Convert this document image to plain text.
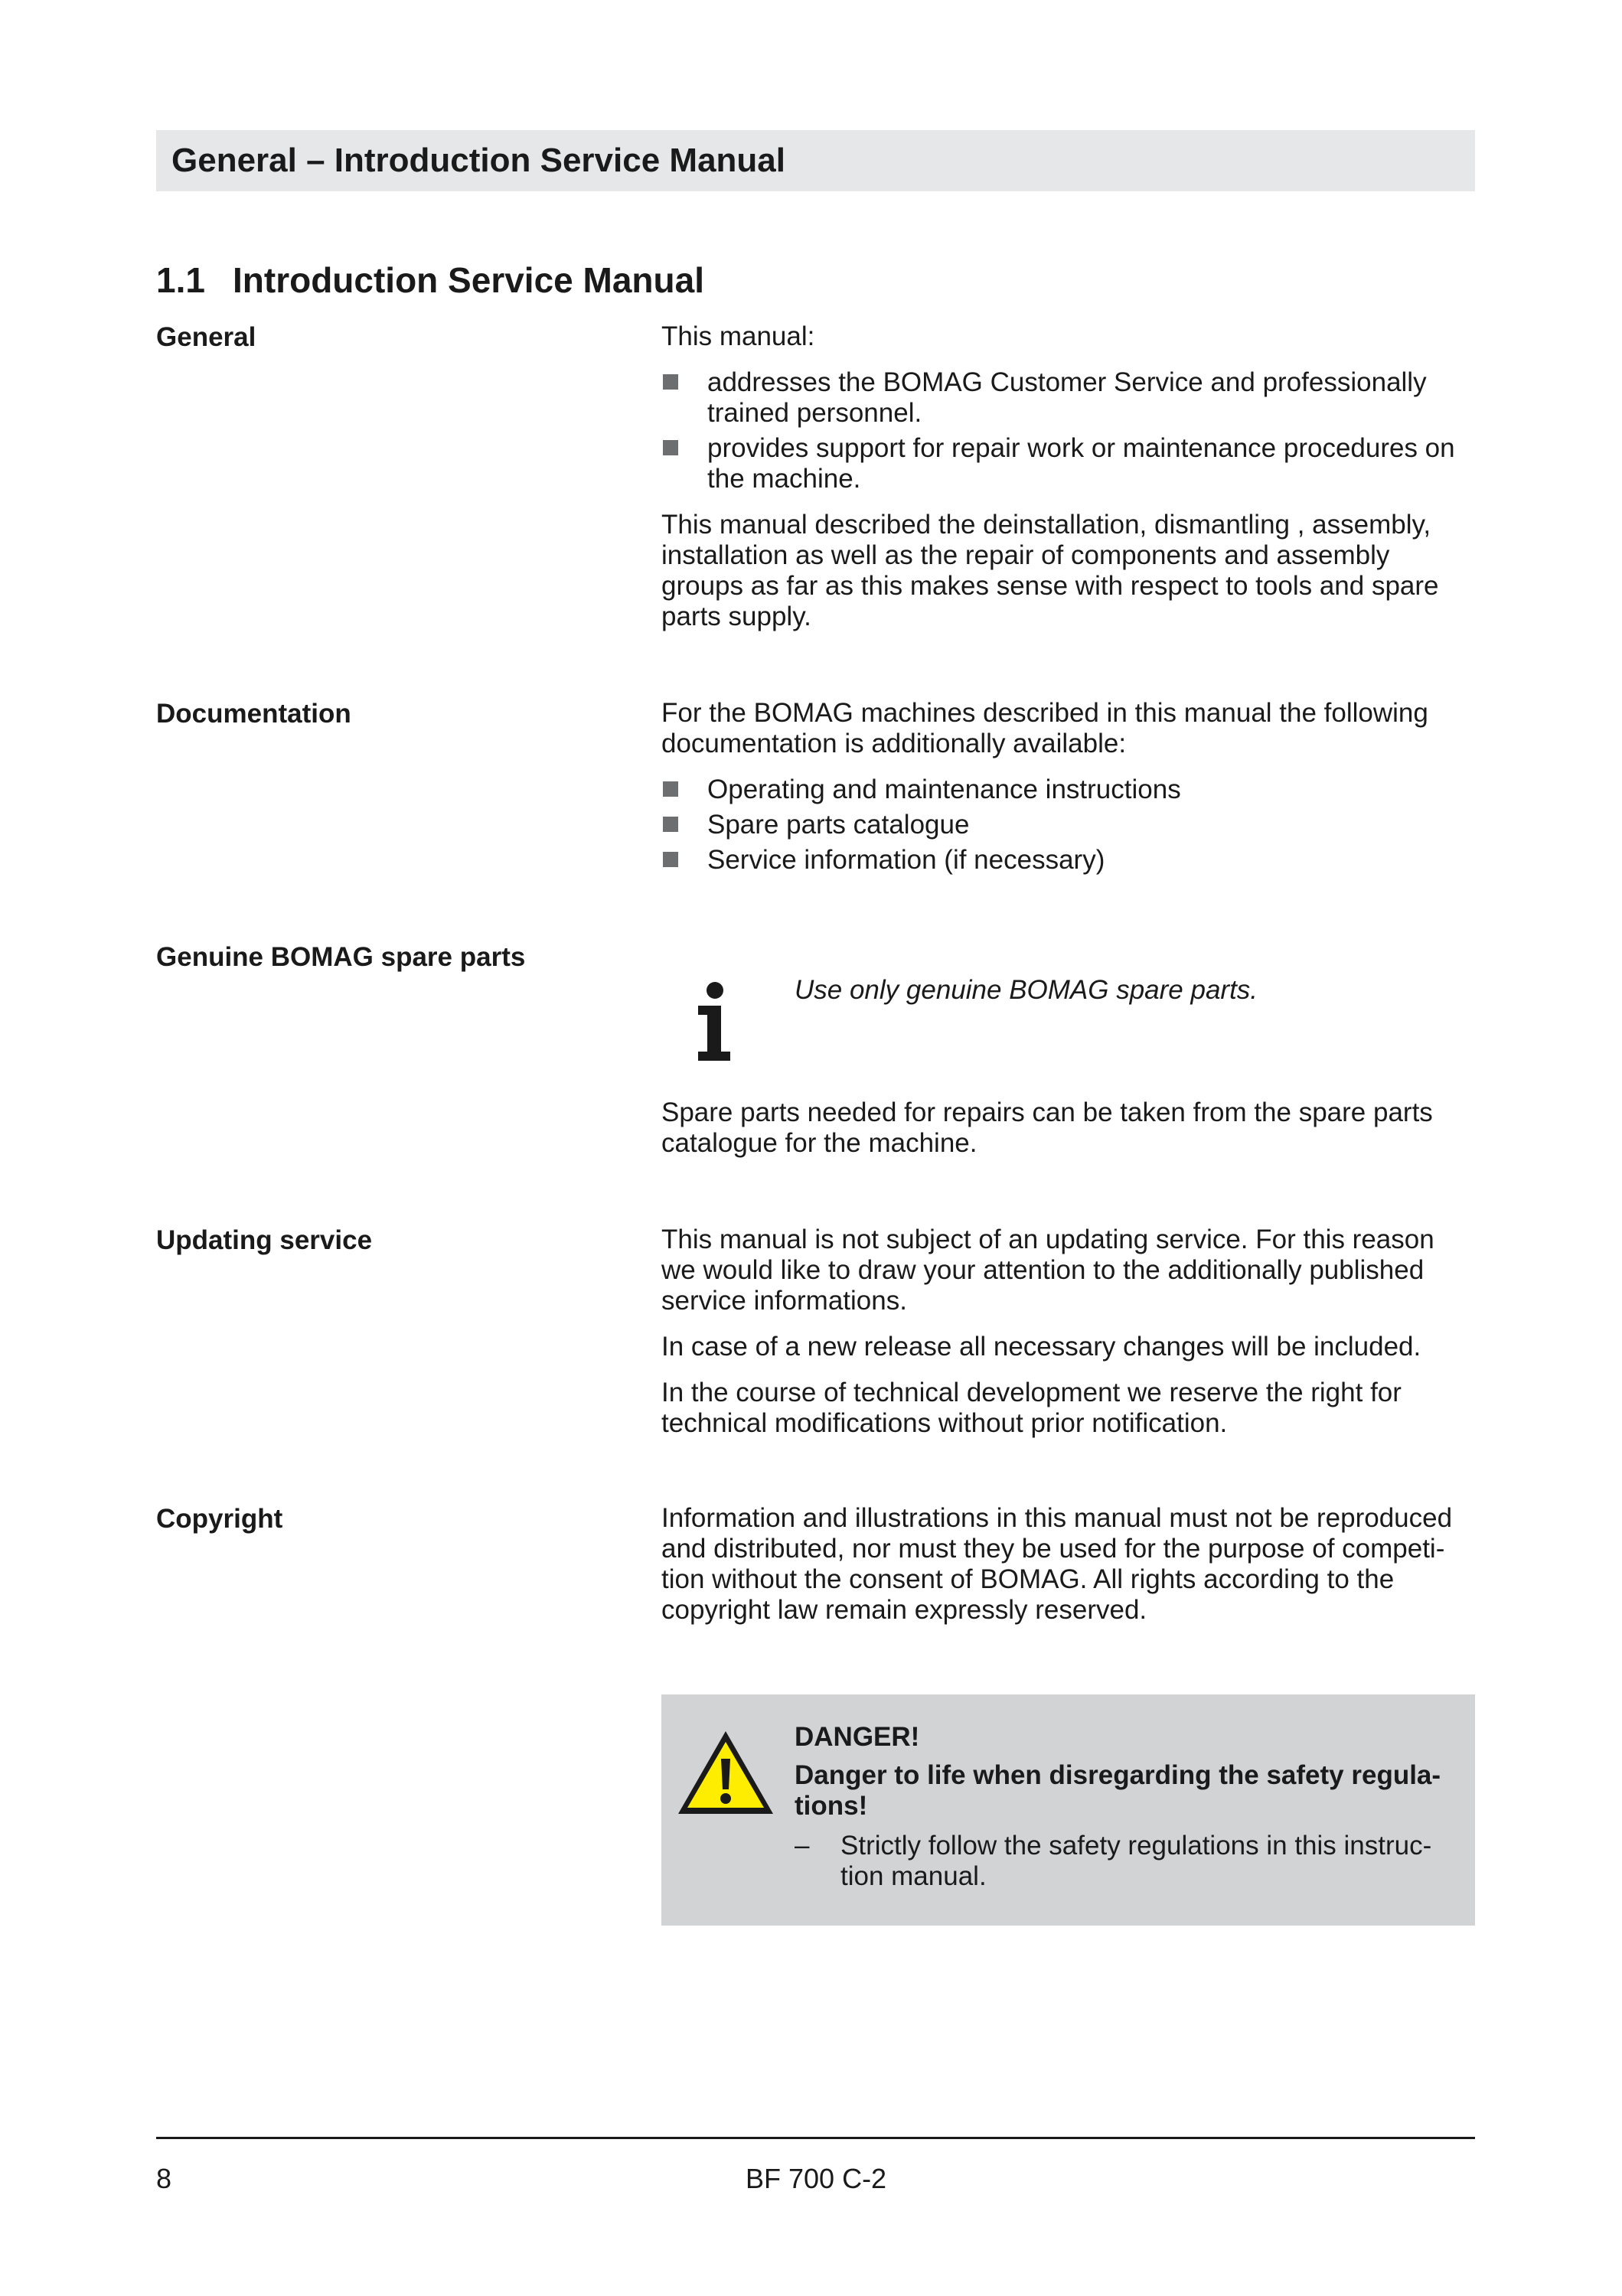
General – Introduction Service Manual
1.1 Introduction Service Manual
General	This manual:

addresses the BOMAG Customer Service and professionally trained personnel.
provides support for repair work or maintenance procedures on the machine.

This manual described the deinstallation, dismantling , assembly, installation as well as the repair of components and assembly groups as far as this makes sense with respect to tools and spare parts supply.

Documentation	For the BOMAG machines described in this manual the following documentation is additionally available:

Operating and maintenance instructions
Spare parts catalogue
Service information (if necessary)
Genuine BOMAG spare parts
Use only genuine BOMAG spare parts.

Spare parts needed for repairs can be taken from the spare parts catalogue for the machine.

Updating service	This manual is not subject of an updating service. For this reason we would like to draw your attention to the additionally published service informations.

In case of a new release all necessary changes will be included.

In the course of technical development we reserve the right for technical modifications without prior notification.

Copyright	Information and illustrations in this manual must not be reproduced and distributed, nor must they be used for the purpose of competi-tion without the consent of BOMAG. All rights according to the copyright law remain expressly reserved.

DANGER!
Danger to life when disregarding the safety regula-tions!
– Strictly follow the safety regulations in this instruc-tion manual.
8	BF 700 C-2
